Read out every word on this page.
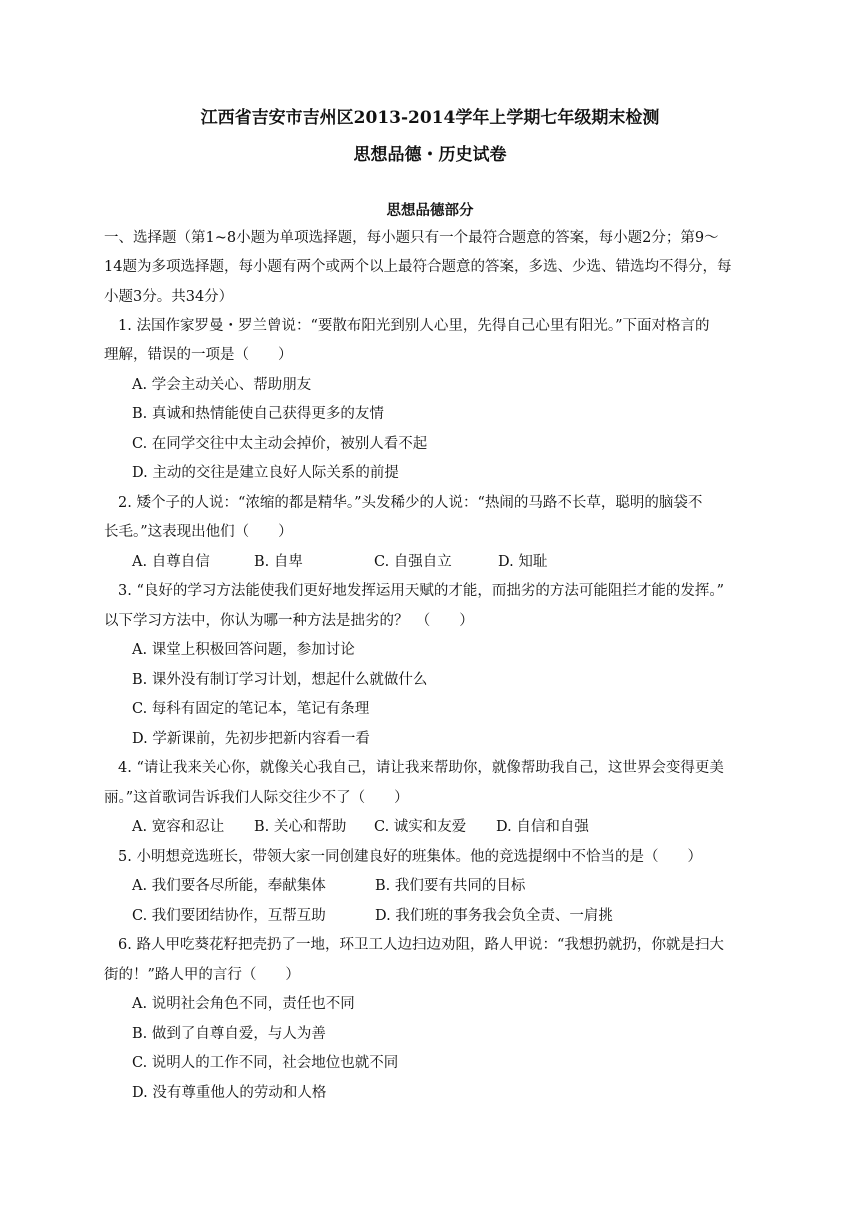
江西省吉安市吉州区2013-2014学年上学期七年级期末检测
思想品德・历史试卷
思想品德部分
一、选择题（第1~8小题为单项选择题，每小题只有一个最符合题意的答案，每小题2分；第9～
14题为多项选择题，每小题有两个或两个以上最符合题意的答案，多选、少选、错选均不得分，每
小题3分。共34分）
1. 法国作家罗曼・罗兰曾说：“要散布阳光到别人心里，先得自己心里有阳光。”下面对格言的
理解，错误的一项是（　　）
A. 学会主动关心、帮助朋友
B. 真诚和热情能使自己获得更多的友情
C. 在同学交往中太主动会掉价，被别人看不起
D. 主动的交往是建立良好人际关系的前提
2. 矮个子的人说：“浓缩的都是精华。”头发稀少的人说：“热闹的马路不长草，聪明的脑袋不
长毛。”这表现出他们（　　）
A. 自尊自信	B. 自卑	C. 自强自立	D. 知耻
3. “良好的学习方法能使我们更好地发挥运用天赋的才能，而拙劣的方法可能阻拦才能的发挥。”
以下学习方法中，你认为哪一种方法是拙劣的？　（　　）
A. 课堂上积极回答问题，参加讨论
B. 课外没有制订学习计划，想起什么就做什么
C. 每科有固定的笔记本，笔记有条理
D. 学新课前，先初步把新内容看一看
4. “请让我来关心你，就像关心我自己，请让我来帮助你，就像帮助我自己，这世界会变得更美
丽。”这首歌词告诉我们人际交往少不了（　　）
A. 宽容和忍让	B. 关心和帮助	C. 诚实和友爱	D. 自信和自强
5. 小明想竞选班长，带领大家一同创建良好的班集体。他的竞选提纲中不恰当的是（　　）
A. 我们要各尽所能，奉献集体	B. 我们要有共同的目标
C. 我们要团结协作，互帮互助	D. 我们班的事务我会负全责、一肩挑
6. 路人甲吃葵花籽把壳扔了一地，环卫工人边扫边劝阻，路人甲说：“我想扔就扔，你就是扫大
街的！”路人甲的言行（　　）
A. 说明社会角色不同，责任也不同
B. 做到了自尊自爱，与人为善
C. 说明人的工作不同，社会地位也就不同
D. 没有尊重他人的劳动和人格
